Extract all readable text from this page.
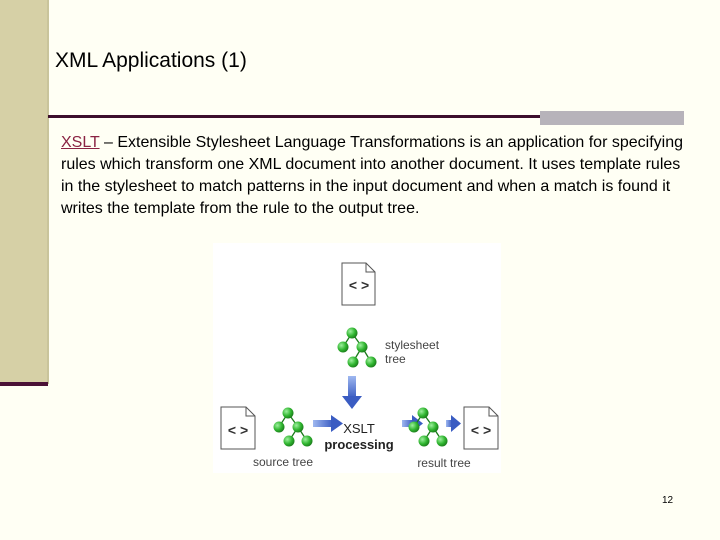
XML Applications (1)
XSLT – Extensible Stylesheet Language Transformations is an application for specifying rules which transform one XML document into another document. It uses template rules in the stylesheet to match patterns in the input document and when a match is found it writes the template from the rule to the output tree.
< >
stylesheet
tree
< >	XSLT
processing
< >
source tree	result tree
12
